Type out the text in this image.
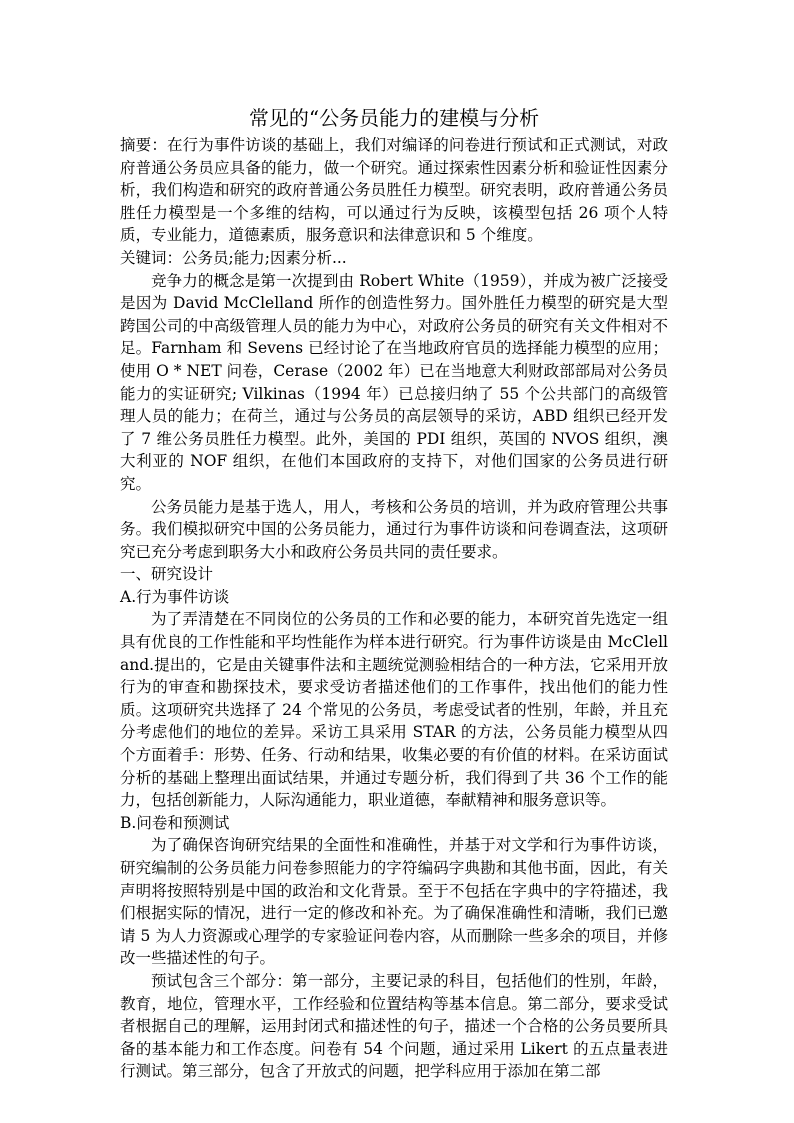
常见的“公务员能力的建模与分析

摘要：在行为事件访谈的基础上，我们对编译的问卷进行预试和正式测试，对政府普通公务员应具备的能力，做一个研究。通过探索性因素分析和验证性因素分析，我们构造和研究的政府普通公务员胜任力模型。研究表明，政府普通公务员胜任力模型是一个多维的结构，可以通过行为反映，该模型包括 26 项个人特质，专业能力，道德素质，服务意识和法律意识和 5 个维度。

关键词：公务员;能力;因素分析...

竞争力的概念是第一次提到由 Robert White（1959），并成为被广泛接受是因为 David McClelland 所作的创造性努力。国外胜任力模型的研究是大型跨国公司的中高级管理人员的能力为中心，对政府公务员的研究有关文件相对不足。Farnham 和 Sevens 已经讨论了在当地政府官员的选择能力模型的应用；使用 O * NET 问卷，Cerase（2002 年）已在当地意大利财政部部局对公务员能力的实证研究; Vilkinas（1994 年）已总接归纳了 55 个公共部门的高级管理人员的能力；在荷兰，通过与公务员的高层领导的采访，ABD 组织已经开发了 7 维公务员胜任力模型。此外，美国的 PDI 组织，英国的 NVOS 组织，澳大利亚的 NOF 组织，在他们本国政府的支持下，对他们国家的公务员进行研究。

公务员能力是基于选人，用人，考核和公务员的培训，并为政府管理公共事务。我们模拟研究中国的公务员能力，通过行为事件访谈和问卷调查法，这项研究已充分考虑到职务大小和政府公务员共同的责任要求。

一、研究设计

A.行为事件访谈

为了弄清楚在不同岗位的公务员的工作和必要的能力，本研究首先选定一组具有优良的工作性能和平均性能作为样本进行研究。行为事件访谈是由 McClelland.提出的，它是由关键事件法和主题统觉测验相结合的一种方法，它采用开放行为的审查和勘探技术，要求受访者描述他们的工作事件，找出他们的能力性质。这项研究共选择了 24 个常见的公务员，考虑受试者的性别，年龄，并且充分考虑他们的地位的差异。采访工具采用 STAR 的方法，公务员能力模型从四个方面着手：形势、任务、行动和结果，收集必要的有价值的材料。在采访面试分析的基础上整理出面试结果，并通过专题分析，我们得到了共 36 个工作的能力，包括创新能力，人际沟通能力，职业道德，奉献精神和服务意识等。

B.问卷和预测试

为了确保咨询研究结果的全面性和准确性，并基于对文学和行为事件访谈，研究编制的公务员能力问卷参照能力的字符编码字典勘和其他书面，因此，有关声明将按照特别是中国的政治和文化背景。至于不包括在字典中的字符描述，我们根据实际的情况，进行一定的修改和补充。为了确保准确性和清晰，我们已邀请 5 为人力资源或心理学的专家验证问卷内容，从而删除一些多余的项目，并修改一些描述性的句子。

预试包含三个部分：第一部分，主要记录的科目，包括他们的性别，年龄，教育，地位，管理水平，工作经验和位置结构等基本信息。第二部分，要求受试者根据自己的理解，运用封闭式和描述性的句子，描述一个合格的公务员要所具备的基本能力和工作态度。问卷有 54 个问题，通过采用 Likert 的五点量表进行测试。第三部分，包含了开放式的问题，把学科应用于添加在第二部
